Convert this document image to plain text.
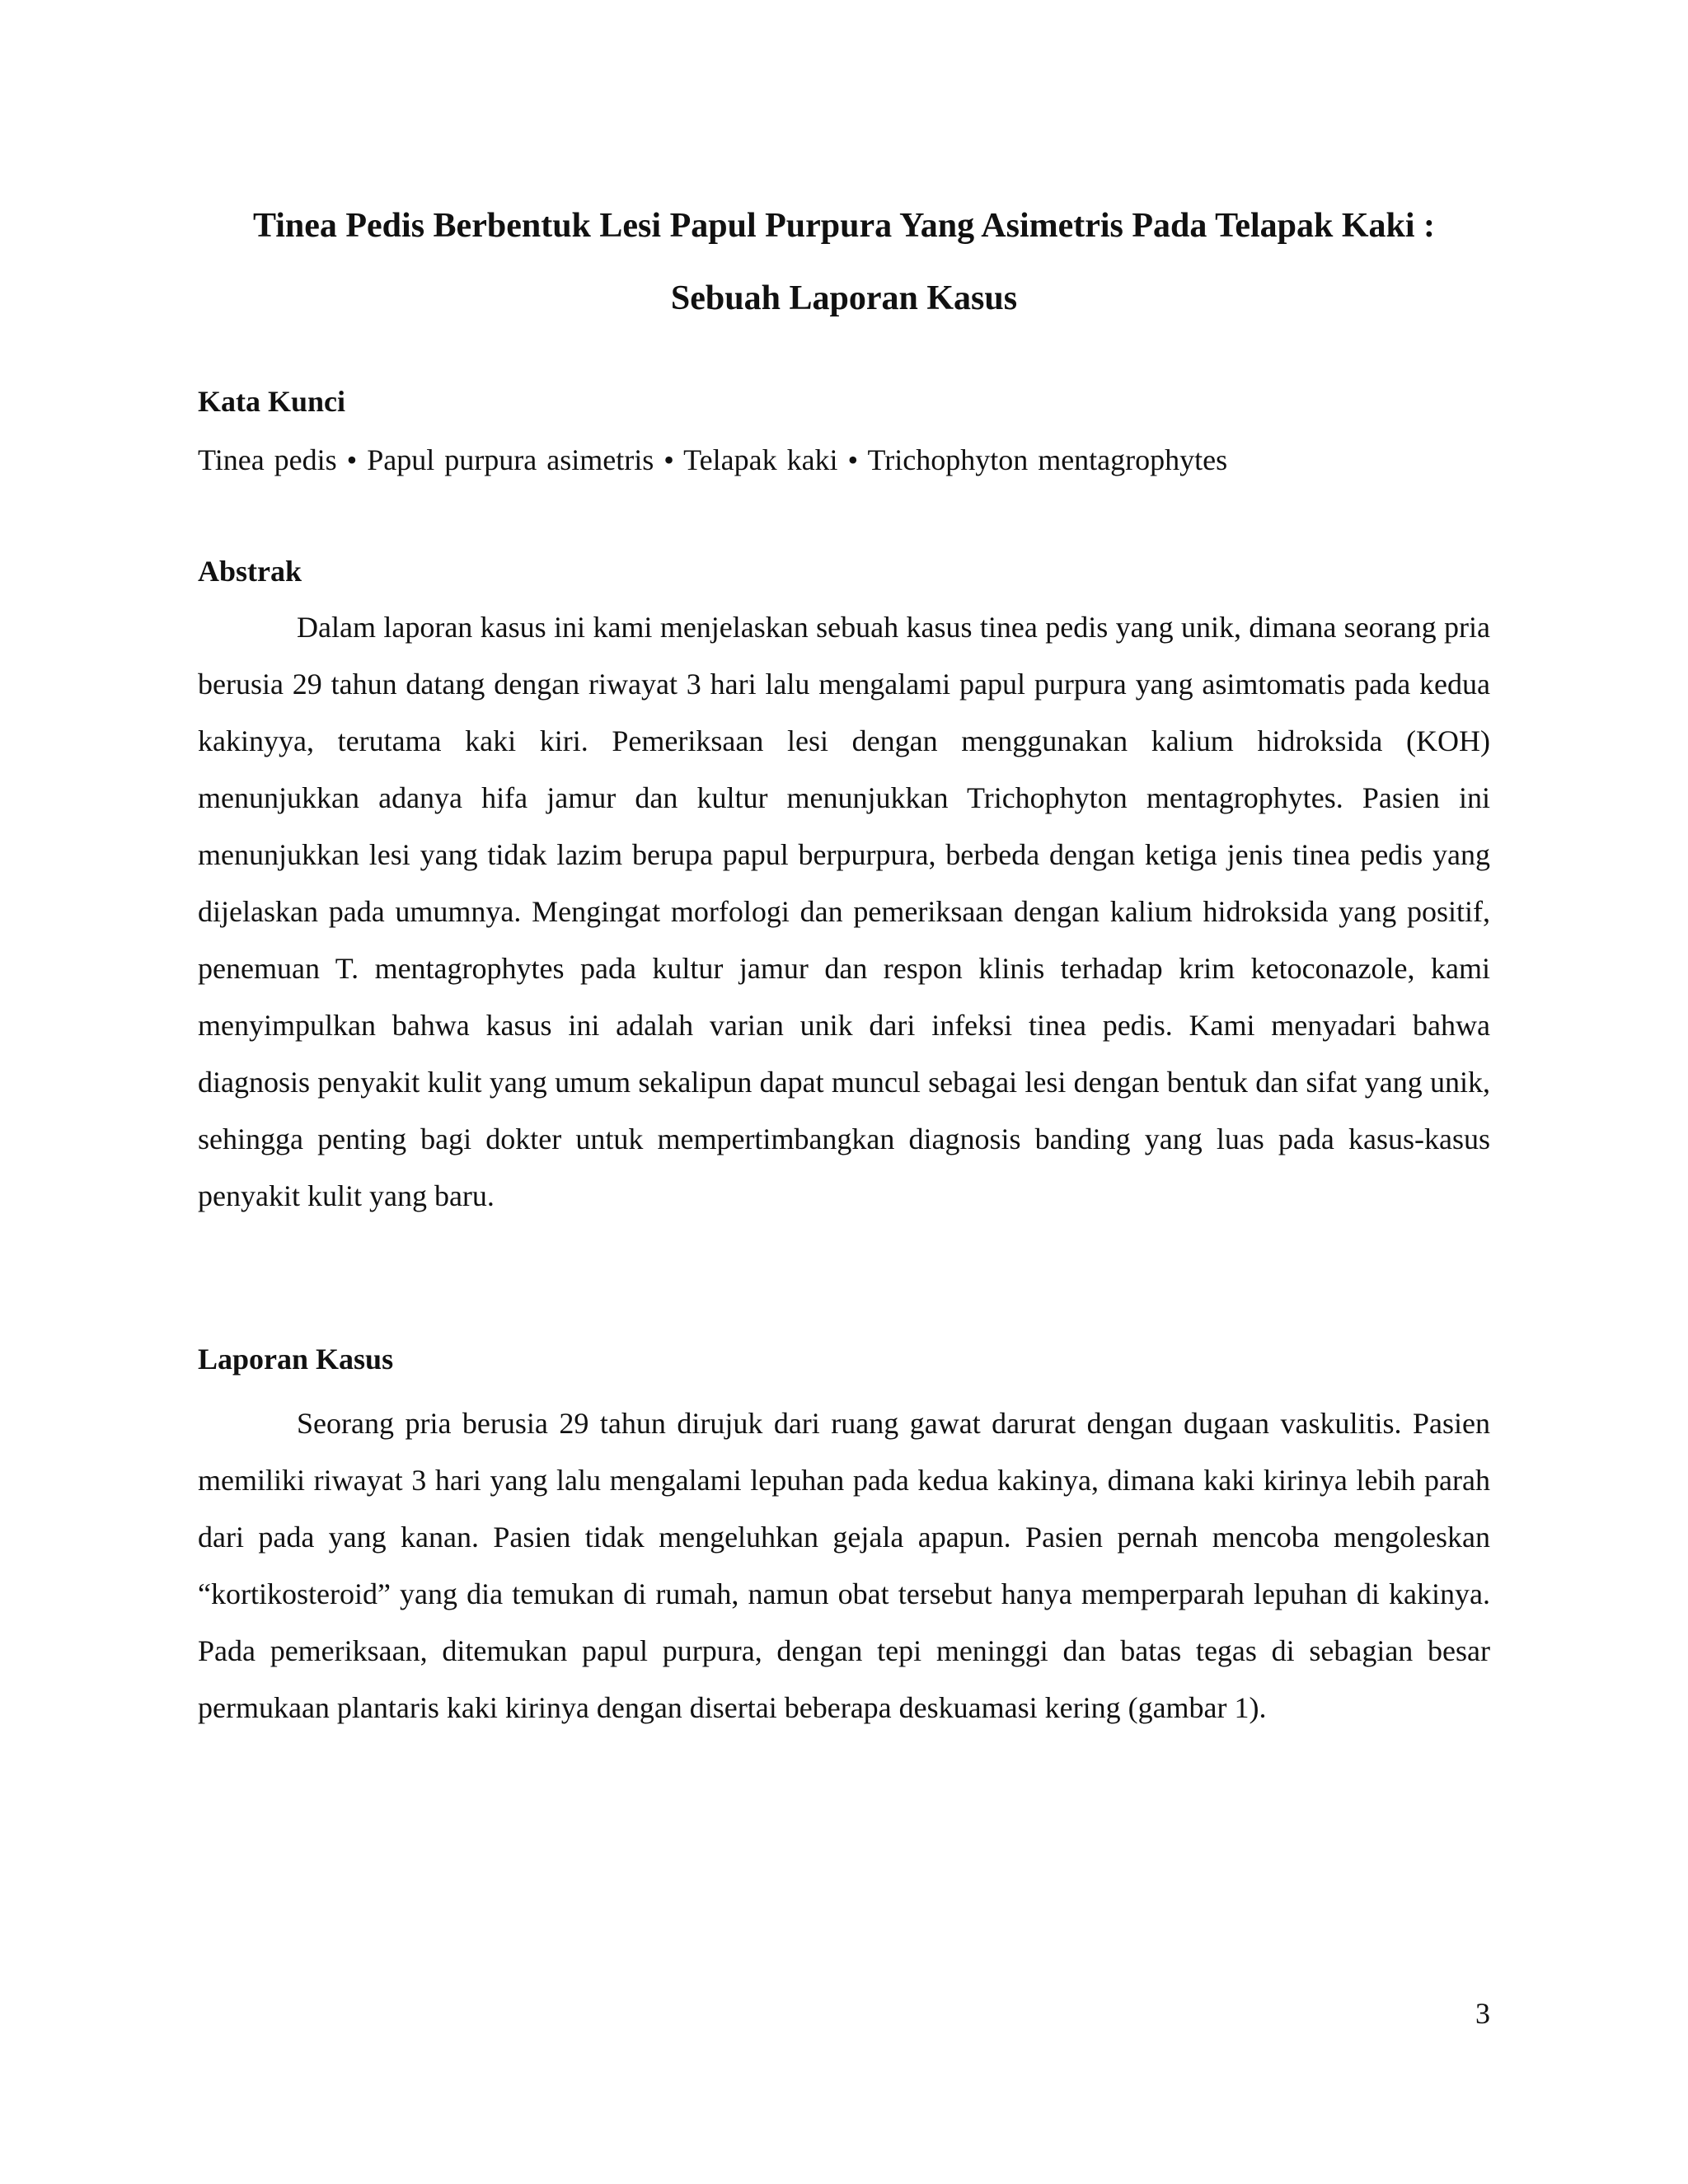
Tinea Pedis Berbentuk Lesi Papul Purpura Yang Asimetris Pada Telapak Kaki : Sebuah Laporan Kasus
Kata Kunci

Tinea pedis • Papul purpura asimetris • Telapak kaki • Trichophyton mentagrophytes

Abstrak

Dalam laporan kasus ini kami menjelaskan sebuah kasus tinea pedis yang unik, dimana seorang pria berusia 29 tahun datang dengan riwayat 3 hari lalu mengalami papul purpura yang asimtomatis pada kedua kakinyya, terutama kaki kiri. Pemeriksaan lesi dengan menggunakan kalium hidroksida (KOH) menunjukkan adanya hifa jamur dan kultur menunjukkan Trichophyton mentagrophytes. Pasien ini menunjukkan lesi yang tidak lazim berupa papul berpurpura, berbeda dengan ketiga jenis tinea pedis yang dijelaskan pada umumnya. Mengingat morfologi dan pemeriksaan dengan kalium hidroksida yang positif, penemuan T. mentagrophytes pada kultur jamur dan respon klinis terhadap krim ketoconazole, kami menyimpulkan bahwa kasus ini adalah varian unik dari infeksi tinea pedis. Kami menyadari bahwa diagnosis penyakit kulit yang umum sekalipun dapat muncul sebagai lesi dengan bentuk dan sifat yang unik, sehingga penting bagi dokter untuk mempertimbangkan diagnosis banding yang luas pada kasus-kasus penyakit kulit yang baru.

Laporan Kasus

Seorang pria berusia 29 tahun dirujuk dari ruang gawat darurat dengan dugaan vaskulitis. Pasien memiliki riwayat 3 hari yang lalu mengalami lepuhan pada kedua kakinya, dimana kaki kirinya lebih parah dari pada yang kanan. Pasien tidak mengeluhkan gejala apapun. Pasien pernah mencoba mengoleskan “kortikosteroid” yang dia temukan di rumah, namun obat tersebut hanya memperparah lepuhan di kakinya. Pada pemeriksaan, ditemukan papul purpura, dengan tepi meninggi dan batas tegas di sebagian besar permukaan plantaris kaki kirinya dengan disertai beberapa deskuamasi kering (gambar 1).

3
